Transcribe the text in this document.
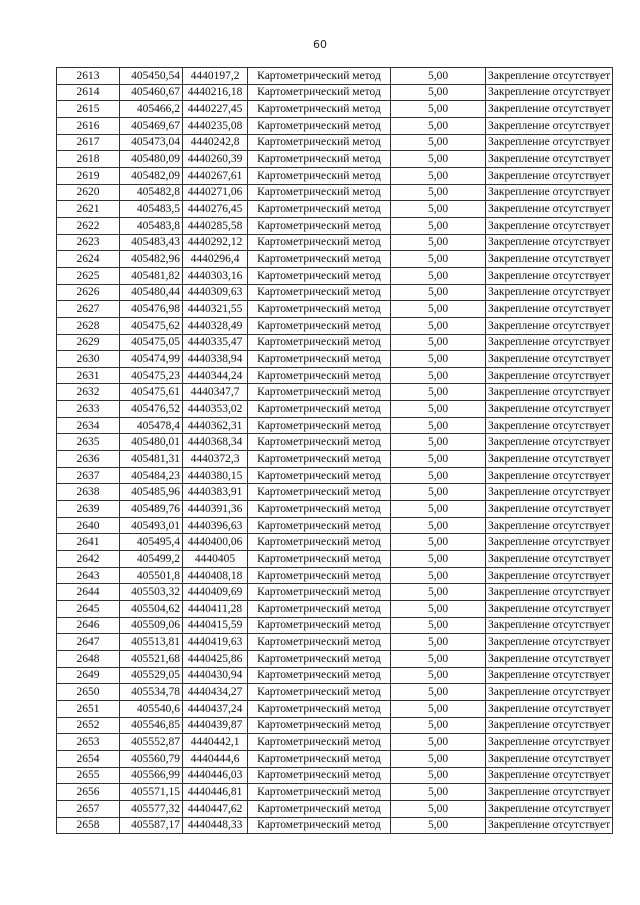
60
2613	405450,54	4440197,2	Картометрический метод	5,00	Закрепление отсутствует
2614	405460,67	4440216,18	Картометрический метод	5,00	Закрепление отсутствует
2615	405466,2	4440227,45	Картометрический метод	5,00	Закрепление отсутствует
2616	405469,67	4440235,08	Картометрический метод	5,00	Закрепление отсутствует
2617	405473,04	4440242,8	Картометрический метод	5,00	Закрепление отсутствует
2618	405480,09	4440260,39	Картометрический метод	5,00	Закрепление отсутствует
2619	405482,09	4440267,61	Картометрический метод	5,00	Закрепление отсутствует
2620	405482,8	4440271,06	Картометрический метод	5,00	Закрепление отсутствует
2621	405483,5	4440276,45	Картометрический метод	5,00	Закрепление отсутствует
2622	405483,8	4440285,58	Картометрический метод	5,00	Закрепление отсутствует
2623	405483,43	4440292,12	Картометрический метод	5,00	Закрепление отсутствует
2624	405482,96	4440296,4	Картометрический метод	5,00	Закрепление отсутствует
2625	405481,82	4440303,16	Картометрический метод	5,00	Закрепление отсутствует
2626	405480,44	4440309,63	Картометрический метод	5,00	Закрепление отсутствует
2627	405476,98	4440321,55	Картометрический метод	5,00	Закрепление отсутствует
2628	405475,62	4440328,49	Картометрический метод	5,00	Закрепление отсутствует
2629	405475,05	4440335,47	Картометрический метод	5,00	Закрепление отсутствует
2630	405474,99	4440338,94	Картометрический метод	5,00	Закрепление отсутствует
2631	405475,23	4440344,24	Картометрический метод	5,00	Закрепление отсутствует
2632	405475,61	4440347,7	Картометрический метод	5,00	Закрепление отсутствует
2633	405476,52	4440353,02	Картометрический метод	5,00	Закрепление отсутствует
2634	405478,4	4440362,31	Картометрический метод	5,00	Закрепление отсутствует
2635	405480,01	4440368,34	Картометрический метод	5,00	Закрепление отсутствует
2636	405481,31	4440372,3	Картометрический метод	5,00	Закрепление отсутствует
2637	405484,23	4440380,15	Картометрический метод	5,00	Закрепление отсутствует
2638	405485,96	4440383,91	Картометрический метод	5,00	Закрепление отсутствует
2639	405489,76	4440391,36	Картометрический метод	5,00	Закрепление отсутствует
2640	405493,01	4440396,63	Картометрический метод	5,00	Закрепление отсутствует
2641	405495,4	4440400,06	Картометрический метод	5,00	Закрепление отсутствует
2642	405499,2	4440405	Картометрический метод	5,00	Закрепление отсутствует
2643	405501,8	4440408,18	Картометрический метод	5,00	Закрепление отсутствует
2644	405503,32	4440409,69	Картометрический метод	5,00	Закрепление отсутствует
2645	405504,62	4440411,28	Картометрический метод	5,00	Закрепление отсутствует
2646	405509,06	4440415,59	Картометрический метод	5,00	Закрепление отсутствует
2647	405513,81	4440419,63	Картометрический метод	5,00	Закрепление отсутствует
2648	405521,68	4440425,86	Картометрический метод	5,00	Закрепление отсутствует
2649	405529,05	4440430,94	Картометрический метод	5,00	Закрепление отсутствует
2650	405534,78	4440434,27	Картометрический метод	5,00	Закрепление отсутствует
2651	405540,6	4440437,24	Картометрический метод	5,00	Закрепление отсутствует
2652	405546,85	4440439,87	Картометрический метод	5,00	Закрепление отсутствует
2653	405552,87	4440442,1	Картометрический метод	5,00	Закрепление отсутствует
2654	405560,79	4440444,6	Картометрический метод	5,00	Закрепление отсутствует
2655	405566,99	4440446,03	Картометрический метод	5,00	Закрепление отсутствует
2656	405571,15	4440446,81	Картометрический метод	5,00	Закрепление отсутствует
2657	405577,32	4440447,62	Картометрический метод	5,00	Закрепление отсутствует
2658	405587,17	4440448,33	Картометрический метод	5,00	Закрепление отсутствует
